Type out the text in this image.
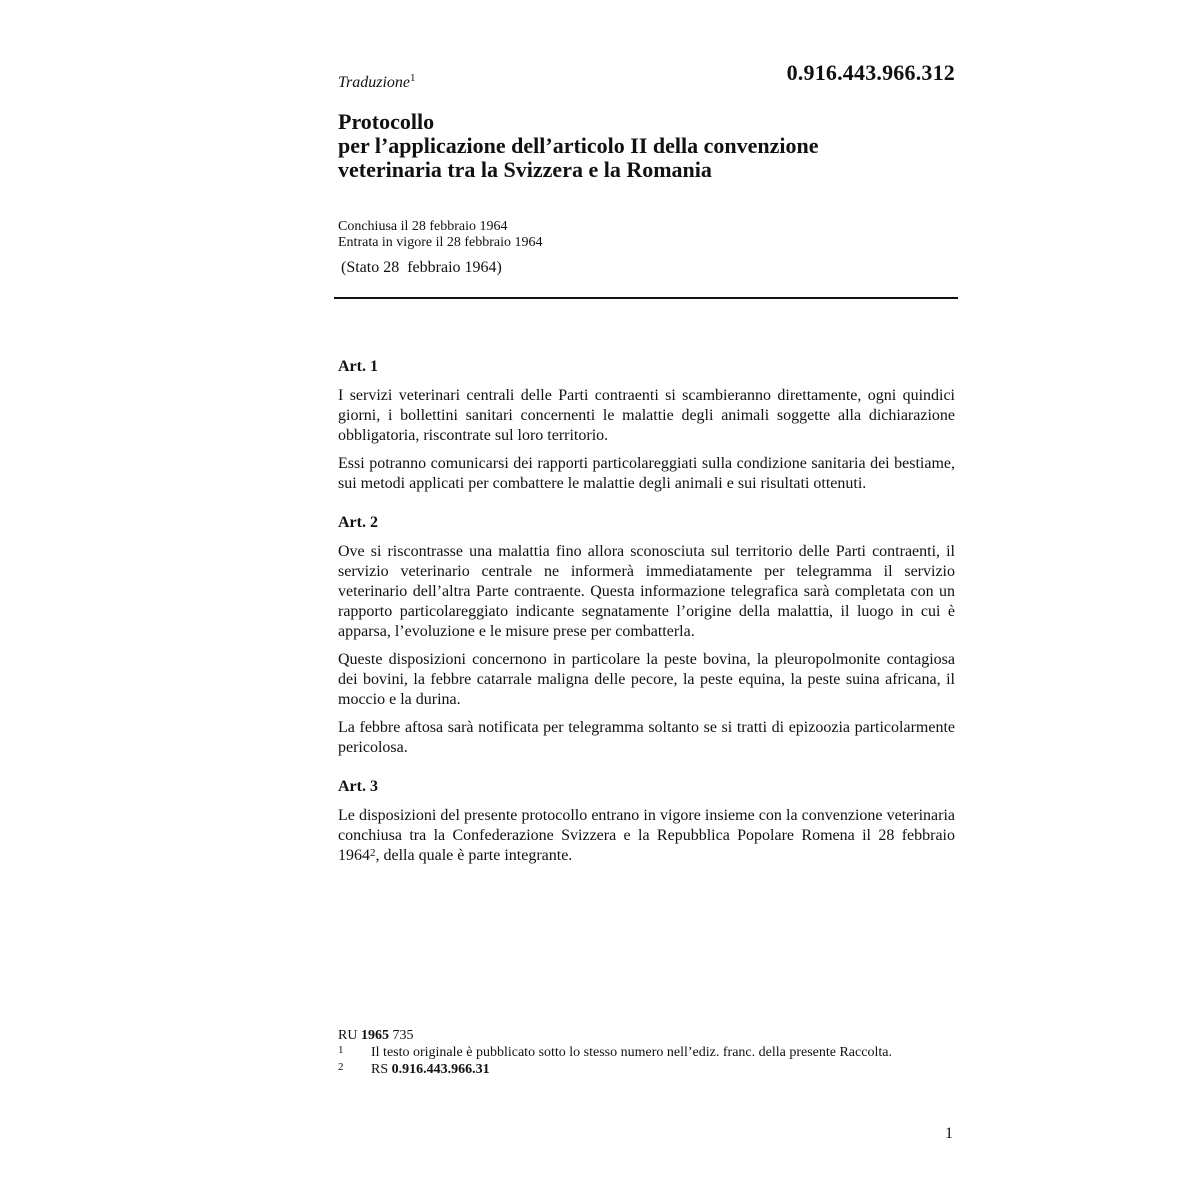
Traduzione$^1$	0.916.443.966.312
Protocollo
per l’applicazione dell’articolo II della convenzione
veterinaria tra la Svizzera e la Romania
Conchiusa il 28 febbraio 1964
Entrata in vigore il 28 febbraio 1964
(Stato 28  febbraio 1964)
Art. 1

I servizi veterinari centrali delle Parti contraenti si scambieranno direttamente, ogni quindici giorni, i bollettini sanitari concernenti le malattie degli animali soggette alla dichiarazione obbligatoria, riscontrate sul loro territorio.

Essi potranno comunicarsi dei rapporti particolareggiati sulla condizione sanitaria dei bestiame, sui metodi applicati per combattere le malattie degli animali e sui risultati ottenuti.

Art. 2

Ove si riscontrasse una malattia fino allora sconosciuta sul territorio delle Parti contraenti, il servizio veterinario centrale ne informerà immediatamente per telegramma il servizio veterinario dell’altra Parte contraente. Questa informazione telegrafica sarà completata con un rapporto particolareggiato indicante segnatamente l’origine della malattia, il luogo in cui è apparsa, l’evoluzione e le misure prese per combatterla.

Queste disposizioni concernono in particolare la peste bovina, la pleuropolmonite contagiosa dei bovini, la febbre catarrale maligna delle pecore, la peste equina, la peste suina africana, il moccio e la durina.

La febbre aftosa sarà notificata per telegramma soltanto se si tratti di epizoozia particolarmente pericolosa.

Art. 3

Le disposizioni del presente protocollo entrano in vigore insieme con la convenzione veterinaria conchiusa tra la Confederazione Svizzera e la Repubblica Popolare Romena il 28 febbraio 1964$^2$, della quale è parte integrante.

RU 1965 735
1	Il testo originale è pubblicato sotto lo stesso numero nell’ediz. franc. della presente Raccolta.
2	RS 0.916.443.966.31
1
